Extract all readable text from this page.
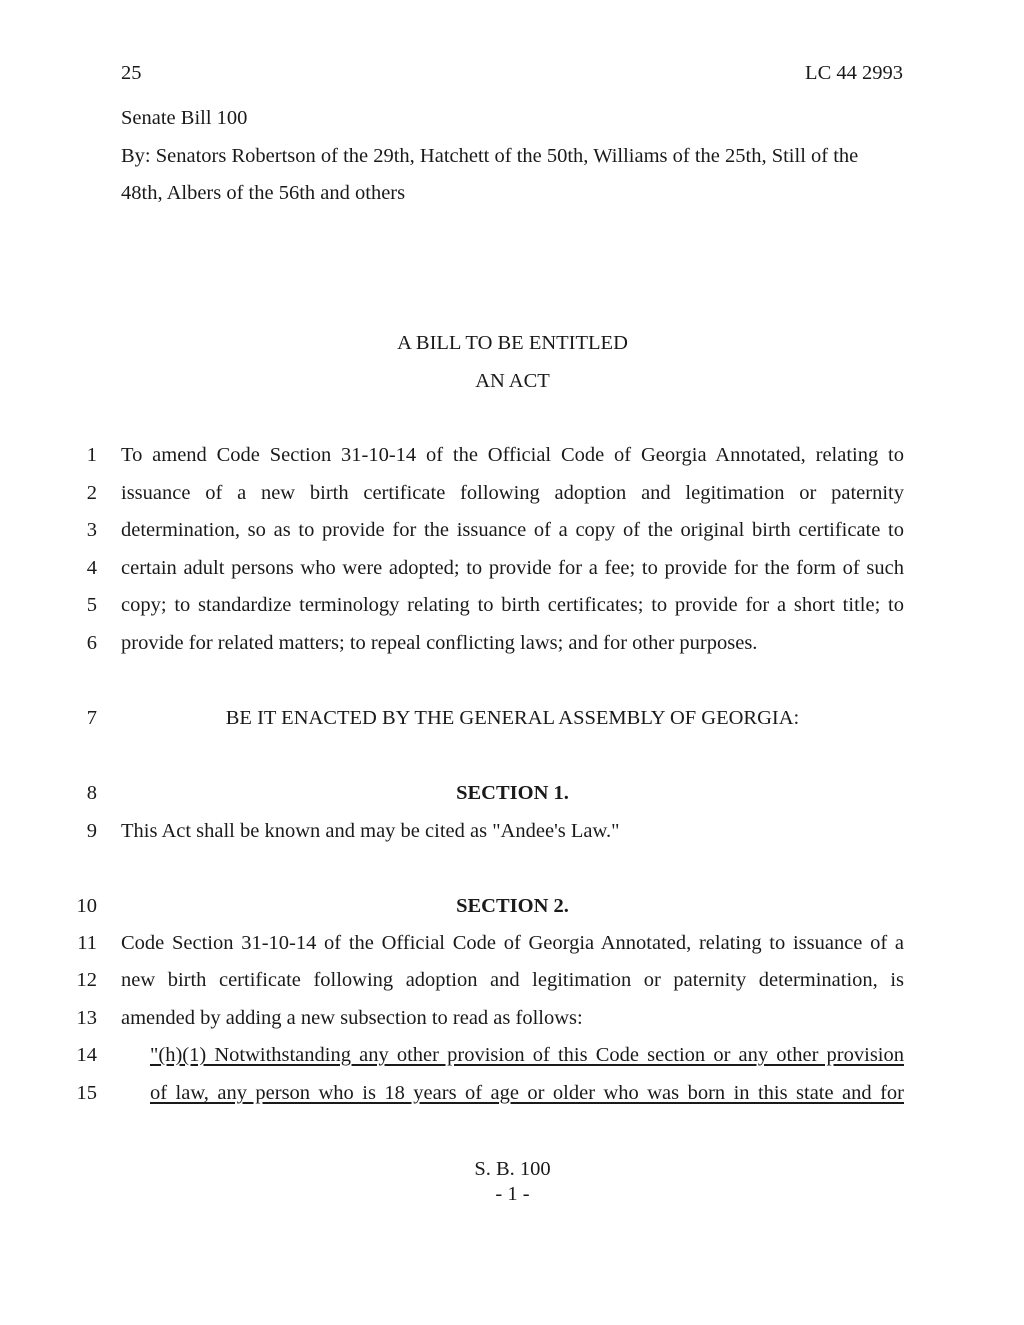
25	LC 44 2993
Senate Bill 100
By: Senators Robertson of the 29th, Hatchett of the 50th, Williams of the 25th, Still of the
48th, Albers of the 56th and others
A BILL TO BE ENTITLED
AN ACT
1 To amend Code Section 31-10-14 of the Official Code of Georgia Annotated, relating to
2 issuance of a new birth certificate following adoption and legitimation or paternity
3 determination, so as to provide for the issuance of a copy of the original birth certificate to
4 certain adult persons who were adopted; to provide for a fee; to provide for the form of such
5 copy; to standardize terminology relating to birth certificates; to provide for a short title; to
6 provide for related matters; to repeal conflicting laws; and for other purposes.
7	BE IT ENACTED BY THE GENERAL ASSEMBLY OF GEORGIA:
8	SECTION 1.
9 This Act shall be known and may be cited as "Andee's Law."
10	SECTION 2.
11 Code Section 31-10-14 of the Official Code of Georgia Annotated, relating to issuance of a
12 new birth certificate following adoption and legitimation or paternity determination, is
13 amended by adding a new subsection to read as follows:
14	"(h)(1) Notwithstanding any other provision of this Code section or any other provision
15	of law, any person who is 18 years of age or older who was born in this state and for
S. B. 100
- 1 -
